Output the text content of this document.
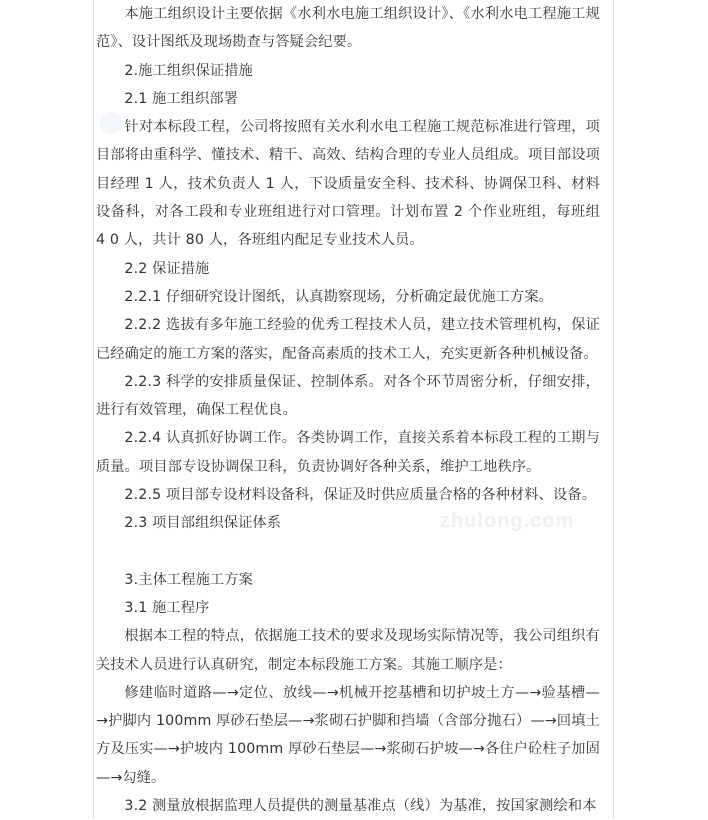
zhulong.com

本施工组织设计主要依据《水利水电施工组织设计》、《水利水电工程施工规范》、设计图纸及现场勘查与答疑会纪要。

2.施工组织保证措施

2.1 施工组织部署

针对本标段工程，公司将按照有关水利水电工程施工规范标准进行管理，项目部将由重科学、懂技术、精干、高效、结构合理的专业人员组成。项目部设项目经理 1 人，技术负责人 1 人，下设质量安全科、技术科、协调保卫科、材料设备科，对各工段和专业班组进行对口管理。计划布置 2 个作业班组，每班组 4 0 人，共计 80 人，各班组内配足专业技术人员。

2.2 保证措施

2.2.1 仔细研究设计图纸，认真勘察现场，分析确定最优施工方案。

2.2.2 选拔有多年施工经验的优秀工程技术人员，建立技术管理机构，保证已经确定的施工方案的落实，配备高素质的技术工人，充实更新各种机械设备。

2.2.3 科学的安排质量保证、控制体系。对各个环节周密分析，仔细安排，进行有效管理，确保工程优良。

2.2.4 认真抓好协调工作。各类协调工作，直接关系着本标段工程的工期与质量。项目部专设协调保卫科，负责协调好各种关系，维护工地秩序。

2.2.5 项目部专设材料设备科，保证及时供应质量合格的各种材料、设备。

2.3 项目部组织保证体系

3.主体工程施工方案

3.1 施工程序

根据本工程的特点，依据施工技术的要求及现场实际情况等，我公司组织有关技术人员进行认真研究，制定本标段施工方案。其施工顺序是：

修建临时道路—→定位、放线—→机械开挖基槽和切护坡土方—→验基槽—→护脚内 100mm 厚砂石垫层—→浆砌石护脚和挡墙（含部分抛石）—→回填土方及压实—→护坡内 100mm 厚砂石垫层—→浆砌石护坡—→各住户砼柱子加固—→勾缝。

3.2 测量放根据监理人员提供的测量基准点（线）为基准，按国家测绘和本
